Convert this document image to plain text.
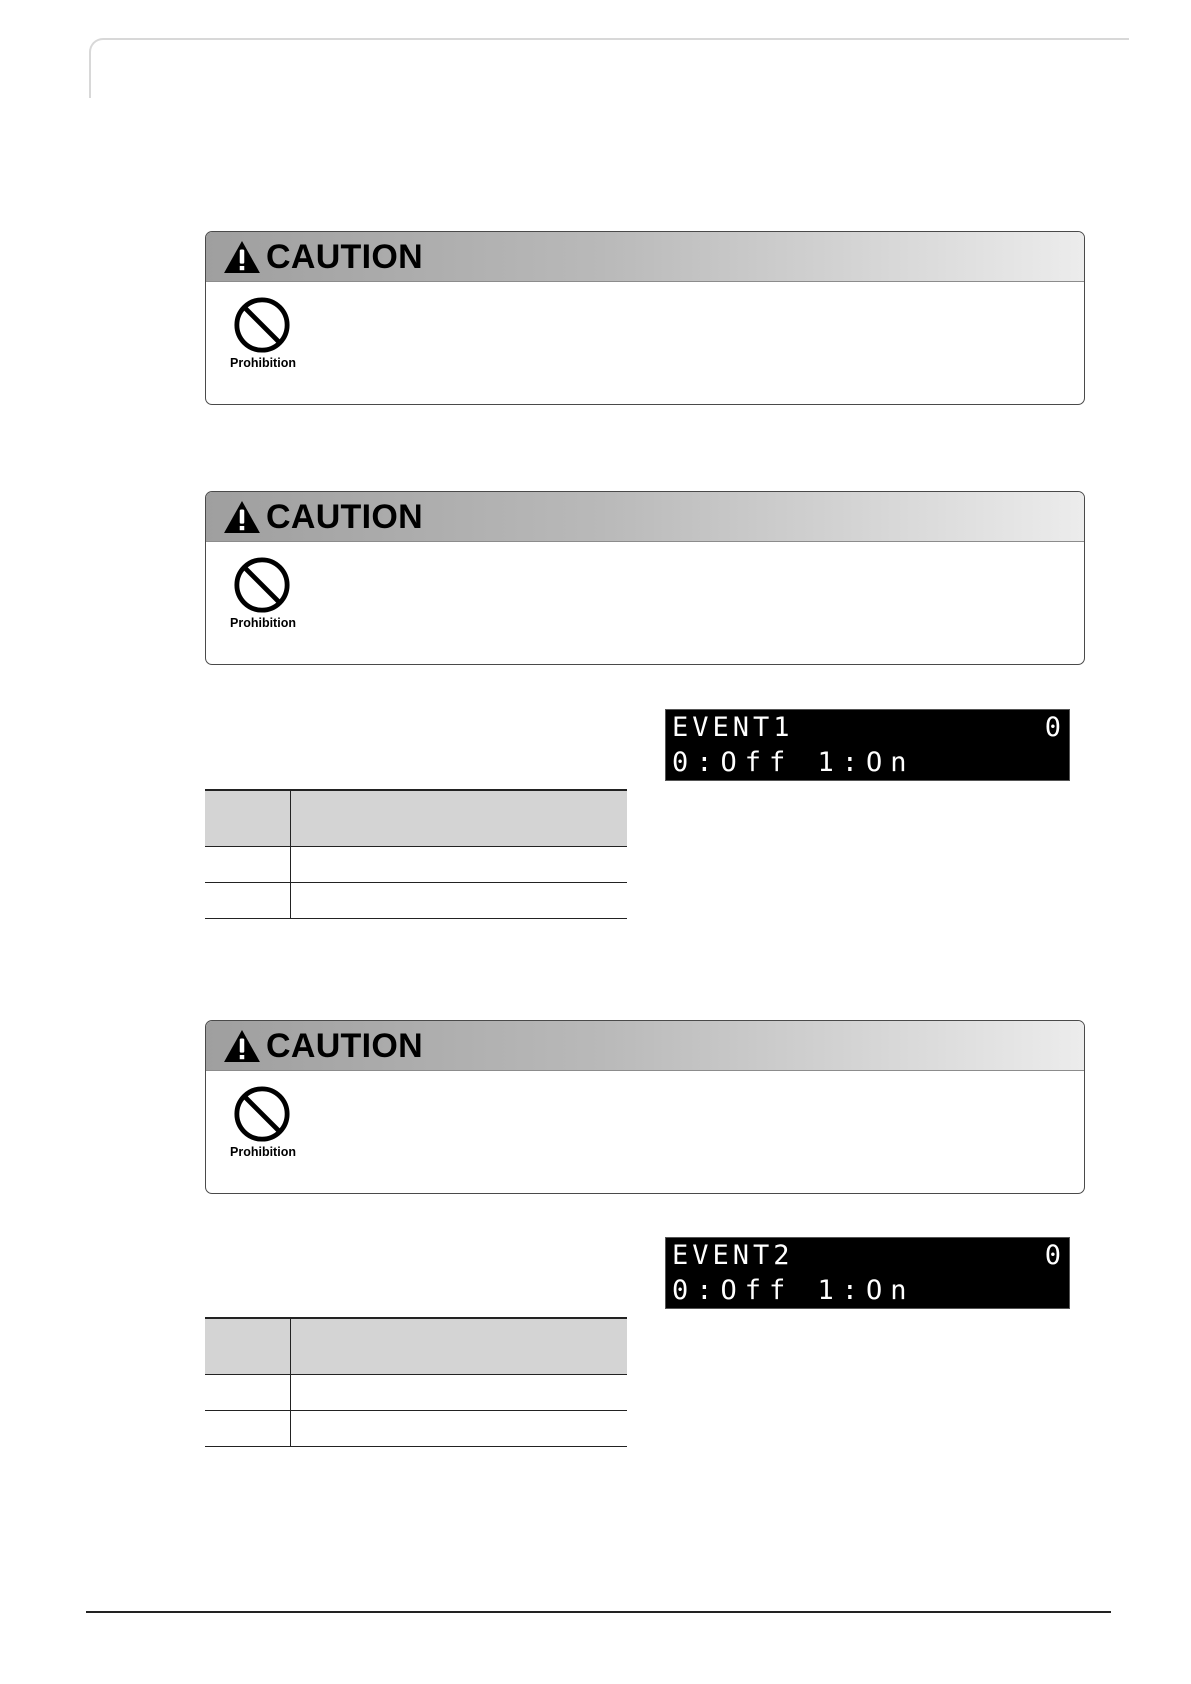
CAUTION
Prohibition
CAUTION
Prohibition

EVENT1

	0

0:Off 1:On

CAUTION
Prohibition

EVENT2

	0

0:Off 1:On
